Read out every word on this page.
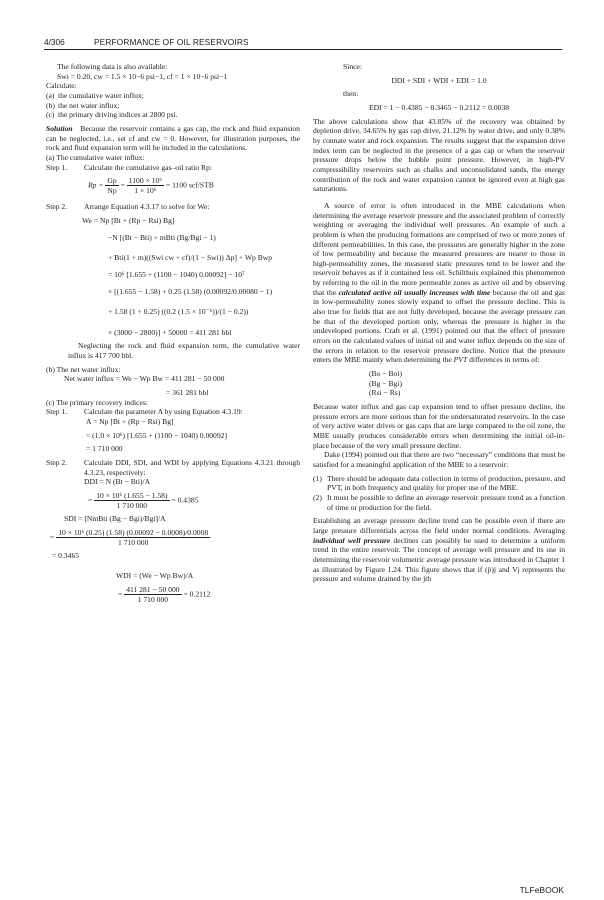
4/306	PERFORMANCE OF OIL RESERVOIRS

The following data is also available:

Swi = 0.20, cw = 1.5 × 10−6 psi−1, cf = 1 × 10−6 psi−1

Calculate:

(a) the cumulative water influx;
(b) the net water influx;
(c) the primary driving indices at 2800 psi.

Solution Because the reservoir contains a gas cap, the rock and fluid expansion can be neglected, i.e., set cf and cw = 0. However, for illustration purposes, the rock and fluid expansion term will be included in the calculations.

(a) The cumulative water influx:

Step 1.	Calculate the cumulative gas–oil ratio Rp:
$Rp = \frac{Gp}{Np} = \frac{\text{1100 × 10⁶}}{\text{1 × 10⁶}} = 1100$ scf/STB
Step 2.	Arrange Equation 4.3.17 to solve for We:

We = Np [Bt + (Rp − Rsi) Bg]

−N [(Bt − Bti) + mBti (Bg/Bgi − 1)

+ Bti(1 + m)((Swi cw + cf)/(1 − Swi)) Δp] + Wp Bwp

= 10⁶ [1.655 + (1100 − 1040) 0.00092] − 10⁷

× [(1.655 − 1.58) + 0.25 (1.58) (0.00092/0.00080 − 1)

+ 1.58 (1 + 0.25) ((0.2 (1.5 × 10⁻⁶))/(1 − 0.2))

× (3000 − 2800)] + 50000 = 411 281 bbl

Neglecting the rock and fluid expansion term, the cumulative water influx is 417 700 bbl.

(b) The net water influx:

Net water influx = We − Wp Bw = 411 281 − 50 000

= 361 281 bbl

(c) The primary recovery indices:

Step 1.	Calculate the parameter A by using Equation 4.3.19:

A = Np [Bt + (Rp − Rsi) Bg]

= (1.0 × 10⁶) [1.655 + (1100 − 1040) 0.00092]

= 1 710 000

Step 2.	Calculate DDI, SDI, and WDI by applying Equations 4.3.21 through 4.3.23, respectively:

DDI = N (Bt − Bti)/A

= $\frac{\text{10 × 10⁶ (1.655 − 1.58)}}{1 710 000} = 0.4385$

SDI = [NmBti (Bg − Bgi)/Bgi]/A

= $\frac{\text{10 × 10⁶ (0.25) (1.58) (0.00092 − 0.0008)/0.0008}}{1 710 000}$

= 0.3465

WDI = (We − Wp Bw)/A

= $\frac{411 281 - 50 000}{1 710 000} = 0.2112$

Since:

DDI + SDI + WDI + EDI = 1.0

then:

EDI = 1 − 0.4385 − 0.3465 − 0.2112 = 0.0038

The above calculations show that 43.85% of the recovery was obtained by depletion drive, 34.65% by gas cap drive, 21.12% by water drive, and only 0.38% by connate water and rock expansion. The results suggest that the expansion drive index term can be neglected in the presence of a gas cap or when the reservoir pressure drops below the bubble point pressure. However, in high-PV compressibility reservoirs such as chalks and unconsolidated sands, the energy contribution of the rock and water expansion cannot be ignored even at high gas saturations.

A source of error is often introduced in the MBE calculations when determining the average reservoir pressure and the associated problem of correctly weighting or averaging the individual well pressures. An example of such a problem is when the producing formations are comprised of two or more zones of different permeabilities. In this case, the pressures are generally higher in the zone of low permeability and because the measured pressures are nearer to those in high-permeability zones, the measured static pressures tend to be lower and the reservoir behaves as if it contained less oil. Schilthuis explained this phenomenon by referring to the oil in the more permeable zones as active oil and by observing that the calculated active oil usually increases with time because the oil and gas in low-permeability zones slowly expand to offset the pressure decline. This is also true for fields that are not fully developed, because the average pressure can be that of the developed portion only, whereas the pressure is higher in the undeveloped portions. Craft et al. (1991) pointed out that the effect of pressure errors on the calculated values of initial oil and water influx depends on the size of the errors in relation to the reservoir pressure decline. Notice that the pressure enters the MBE mainly when determining the PVT differences in terms of:

(Bo − Boi)

(Bg − Bgi)

(Rsi − Rs)

Because water influx and gas cap expansion tend to offset pressure decline, the pressure errors are more serious than for the undersaturated reservoirs. In the case of very active water drives or gas caps that are large compared to the oil zone, the MBE usually produces considerable errors when determining the initial oil-in-place because of the very small pressure decline.

Dake (1994) pointed out that there are two “necessary” conditions that must be satisfied for a meaningful application of the MBE to a reservoir:

(1) There should be adequate data collection in terms of production, pressure, and PVT, in both frequency and quality for proper use of the MBE.
(2) It must be possible to define an average reservoir pressure trend as a function of time or production for the field.

Establishing an average pressure decline trend can be possible even if there are large pressure differentials across the field under normal conditions. Averaging individual well pressure declines can possibly be used to determine a uniform trend in the entire reservoir. The concept of average well pressure and its use in determining the reservoir volumetric average pressure was introduced in Chapter 1 as illustrated by Figure 1.24. This figure shows that if (p̄)j and Vj represents the pressure and volume drained by the jth

TLFeBOOK
